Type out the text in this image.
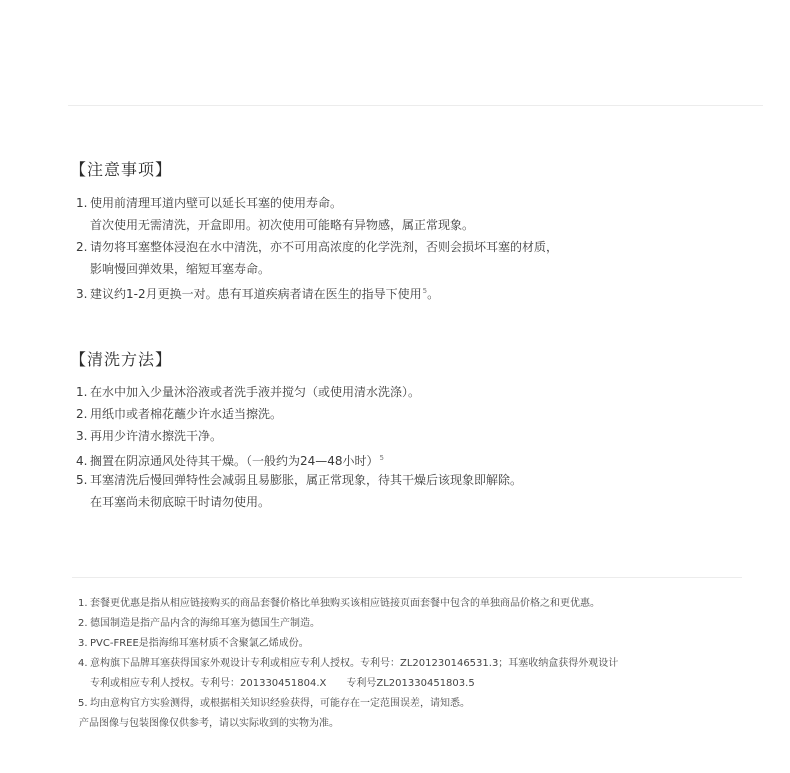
【注意事项】
1. 使用前清理耳道内壁可以延长耳塞的使用寿命。
首次使用无需清洗，开盒即用。初次使用可能略有异物感，属正常现象。
2. 请勿将耳塞整体浸泡在水中清洗，亦不可用高浓度的化学洗剂，否则会损坏耳塞的材质，
影响慢回弹效果，缩短耳塞寿命。
3. 建议约1-2月更换一对。患有耳道疾病者请在医生的指导下使用$^5$。
【清洗方法】
1. 在水中加入少量沐浴液或者洗手液并搅匀（或使用清水洗涤）。
2. 用纸巾或者棉花蘸少许水适当擦洗。
3. 再用少许清水擦洗干净。
4. 搁置在阴凉通风处待其干燥。（一般约为24—48小时）$^5$
5. 耳塞清洗后慢回弹特性会减弱且易膨胀，属正常现象，待其干燥后该现象即解除。
在耳塞尚未彻底晾干时请勿使用。
1. 套餐更优惠是指从相应链接购买的商品套餐价格比单独购买该相应链接页面套餐中包含的单独商品价格之和更优惠。
2. 德国制造是指产品内含的海绵耳塞为德国生产制造。
3. PVC-FREE是指海绵耳塞材质不含聚氯乙烯成份。
4. 意构旗下品牌耳塞获得国家外观设计专利或相应专利人授权。专利号：ZL201230146531.3；耳塞收纳盒获得外观设计
专利或相应专利人授权。专利号：201330451804.X　　专利号ZL201330451803.5
5. 均由意构官方实验测得，或根据相关知识经验获得，可能存在一定范围误差，请知悉。
产品图像与包装图像仅供参考，请以实际收到的实物为准。
